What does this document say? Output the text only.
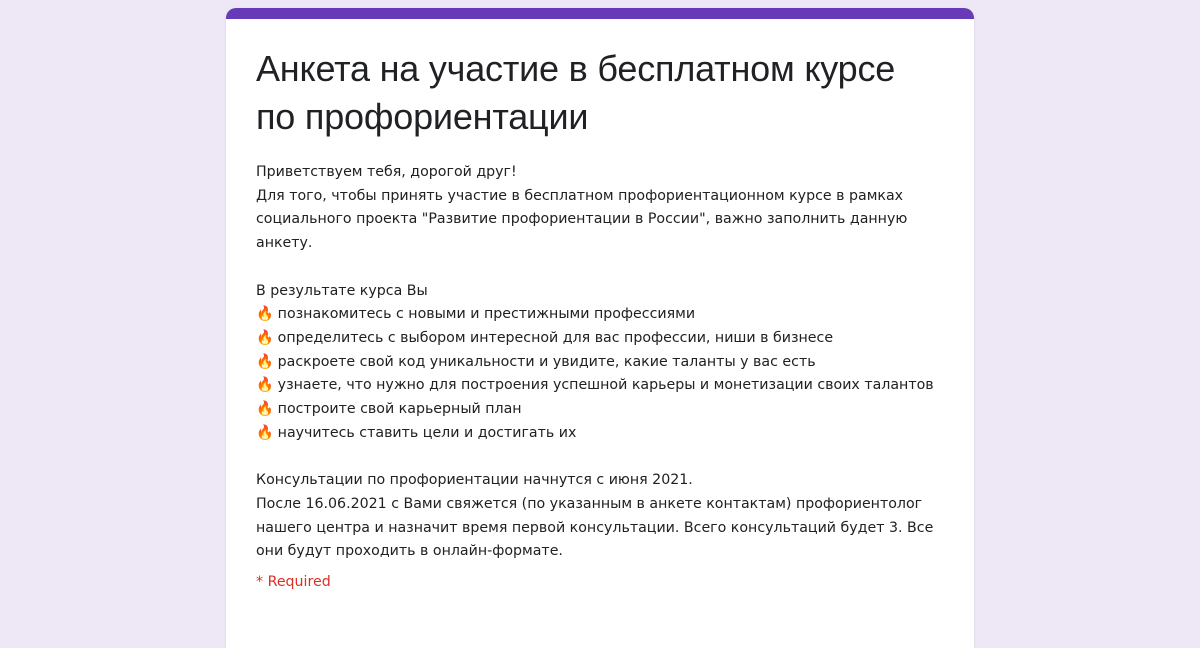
Анкета на участие в бесплатном курсе по профориентации
Приветствуем тебя, дорогой друг!
Для того, чтобы принять участие в бесплатном профориентационном курсе в рамках социального проекта "Развитие профориентации в России", важно заполнить данную анкету.
В результате курса Вы
🔥 познакомитесь с новыми и престижными профессиями
🔥 определитесь с выбором интересной для вас профессии, ниши в бизнесе
🔥 раскроете свой код уникальности и увидите, какие таланты у вас есть
🔥 узнаете, что нужно для построения успешной карьеры и монетизации своих талантов
🔥 построите свой карьерный план
🔥 научитесь ставить цели и достигать их
Консультации по профориентации начнутся с июня 2021.
После 16.06.2021 с Вами свяжется (по указанным в анкете контактам) профориентолог нашего центра и назначит время первой консультации. Всего консультаций будет 3. Все они будут проходить в онлайн-формате.
* Required
